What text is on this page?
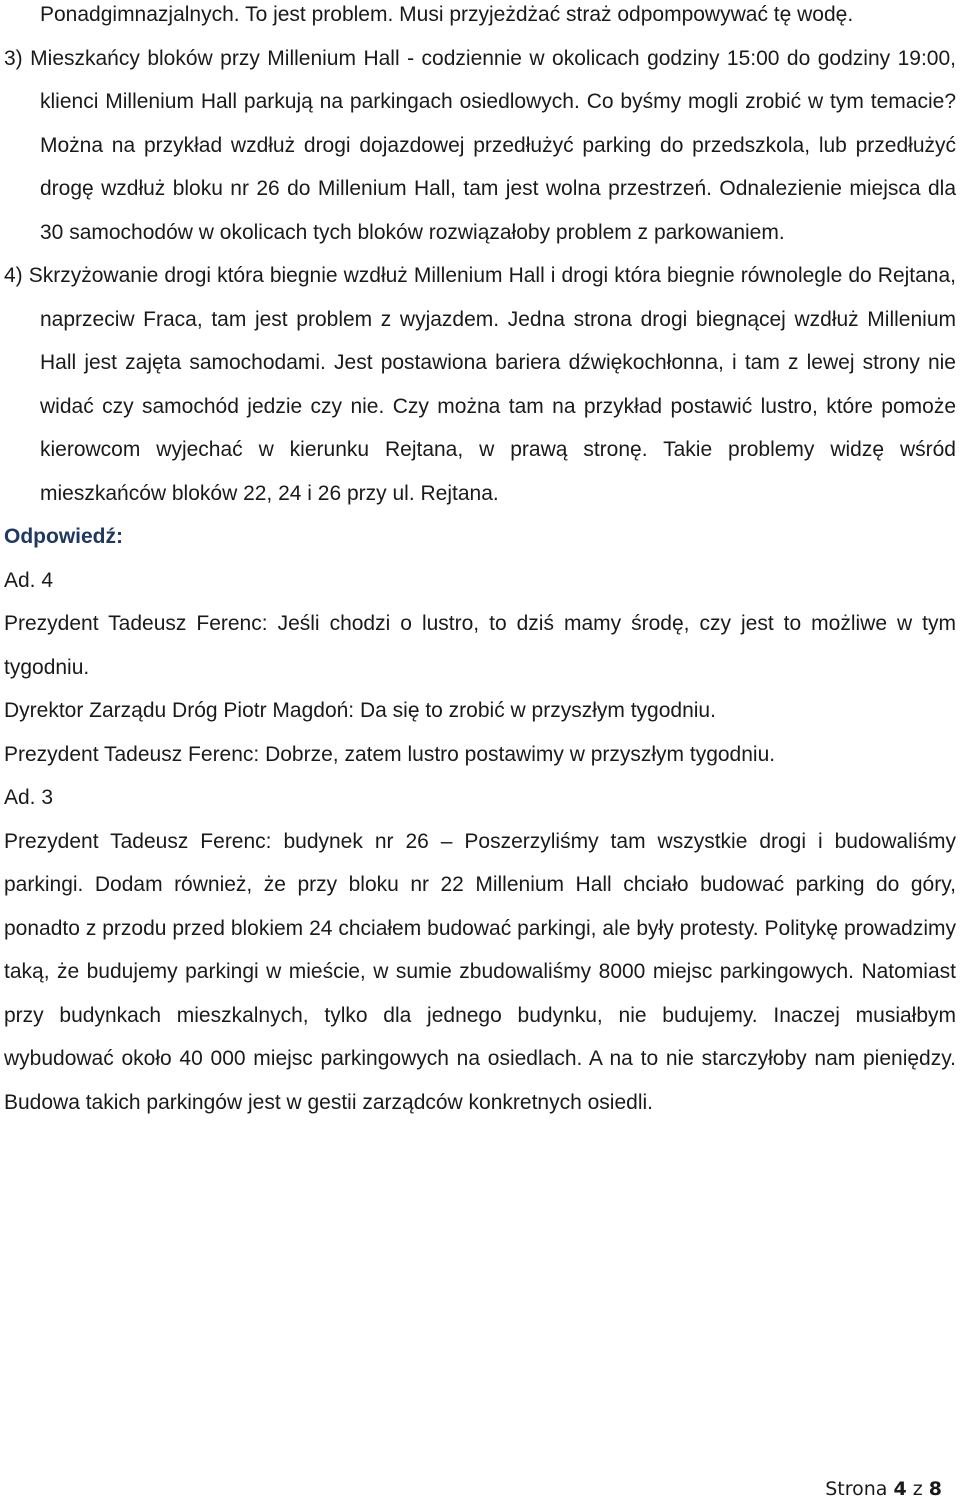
Ponadgimnazjalnych. To jest problem. Musi przyjeżdżać straż odpompowywać tę wodę.

3) Mieszkańcy bloków przy Millenium Hall - codziennie w okolicach godziny 15:00 do godziny 19:00, klienci Millenium Hall parkują na parkingach osiedlowych. Co byśmy mogli zrobić w tym temacie? Można na przykład wzdłuż drogi dojazdowej przedłużyć parking do przedszkola, lub przedłużyć drogę wzdłuż bloku nr 26 do Millenium Hall, tam jest wolna przestrzeń. Odnalezienie miejsca dla 30 samochodów w okolicach tych bloków rozwiązałoby problem z parkowaniem.

4) Skrzyżowanie drogi która biegnie wzdłuż Millenium Hall i drogi która biegnie równolegle do Rejtana, naprzeciw Fraca, tam jest problem z wyjazdem. Jedna strona drogi biegnącej wzdłuż Millenium Hall jest zajęta samochodami. Jest postawiona bariera dźwiękochłonna, i tam z lewej strony nie widać czy samochód jedzie czy nie. Czy można tam na przykład postawić lustro, które pomoże kierowcom wyjechać w kierunku Rejtana, w prawą stronę. Takie problemy widzę wśród mieszkańców bloków 22, 24 i 26 przy ul. Rejtana.

Odpowiedź:

Ad. 4

Prezydent Tadeusz Ferenc: Jeśli chodzi o lustro, to dziś mamy środę, czy jest to możliwe w tym tygodniu.

Dyrektor Zarządu Dróg Piotr Magdoń: Da się to zrobić w przyszłym tygodniu.

Prezydent Tadeusz Ferenc: Dobrze, zatem lustro postawimy w przyszłym tygodniu.

Ad. 3

Prezydent Tadeusz Ferenc: budynek nr 26 – Poszerzyliśmy tam wszystkie drogi i budowaliśmy parkingi. Dodam również, że przy bloku nr 22 Millenium Hall chciało budować parking do góry, ponadto z przodu przed blokiem 24 chciałem budować parkingi, ale były protesty. Politykę prowadzimy taką, że budujemy parkingi w mieście, w sumie zbudowaliśmy 8000 miejsc parkingowych. Natomiast przy budynkach mieszkalnych, tylko dla jednego budynku, nie budujemy. Inaczej musiałbym wybudować około 40 000 miejsc parkingowych na osiedlach. A na to nie starczyłoby nam pieniędzy. Budowa takich parkingów jest w gestii zarządców konkretnych osiedli.

Strona 4 z 8
